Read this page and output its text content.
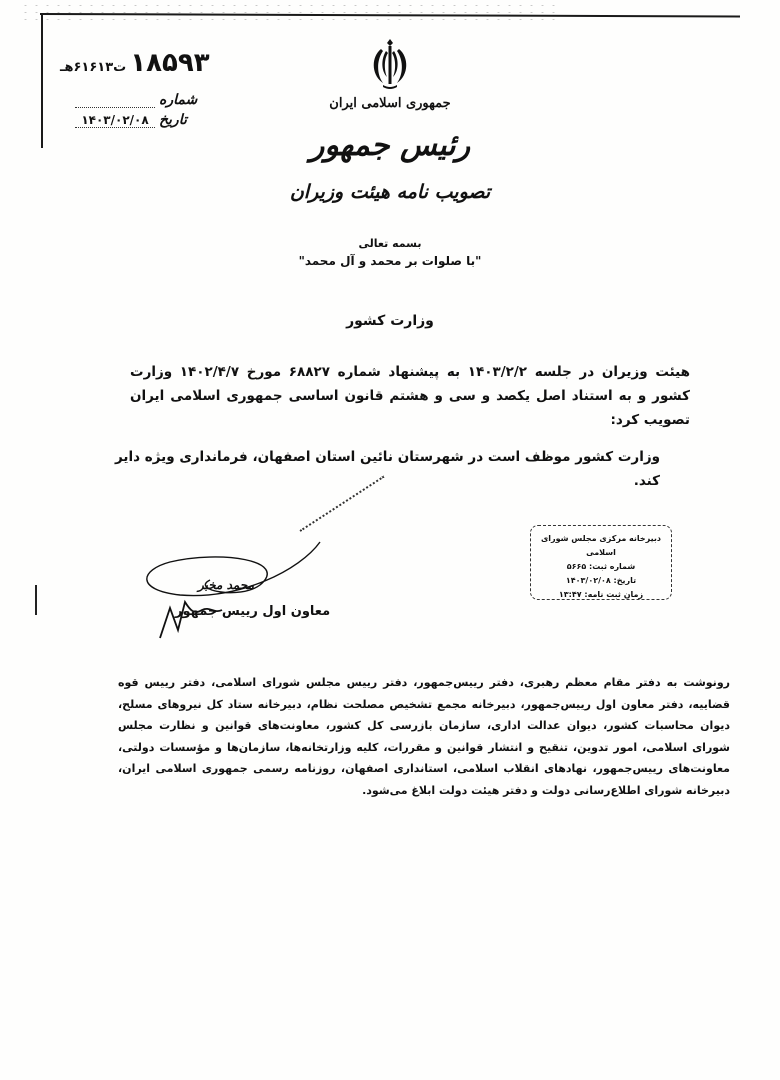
۱۸۵۹۳
ت۶۱۶۱۳هـ
شماره
تاریخ
۱۴۰۳/۰۲/۰۸
جمهوری اسلامی ایران
رئیس جمهور
تصویب نامه هیئت وزیران
بسمه تعالی
"با صلوات بر محمد و آل محمد"
وزارت کشور

هیئت وزیران در جلسه ۱۴۰۳/۲/۲ به پیشنهاد شماره ۶۸۸۲۷ مورخ ۱۴۰۲/۴/۷ وزارت کشور و به استناد اصل یکصد و سی و هشتم قانون اساسی جمهوری اسلامی ایران تصویب کرد:

وزارت کشور موظف است در شهرستان نائین استان اصفهان، فرمانداری ویژه دایر کند.

محمد مخبر
معاون اول رییس جمهور
دبیرخانه مرکزی مجلس شورای اسلامی
شماره ثبت: ۵۶۶۵
تاریخ: ۱۴۰۳/۰۲/۰۸
زمان ثبت نامه: ۱۳:۴۷

رونوشت به دفتر مقام معظم رهبری، دفتر رییس‌جمهور، دفتر رییس مجلس شورای اسلامی، دفتر رییس قوه قضاییه، دفتر معاون اول رییس‌جمهور، دبیرخانه مجمع تشخیص مصلحت نظام، دبیرخانه ستاد کل نیروهای مسلح، دیوان محاسبات کشور، دیوان عدالت اداری، سازمان بازرسی کل کشور، معاونت‌های قوانین و نظارت مجلس شورای اسلامی، امور تدوین، تنقیح و انتشار قوانین و مقررات، کلیه وزارتخانه‌ها، سازمان‌ها و مؤسسات دولتی، معاونت‌های رییس‌جمهور، نهادهای انقلاب اسلامی، استانداری اصفهان، روزنامه رسمی جمهوری اسلامی ایران، دبیرخانه شورای اطلاع‌رسانی دولت و دفتر هیئت دولت ابلاغ می‌شود.
